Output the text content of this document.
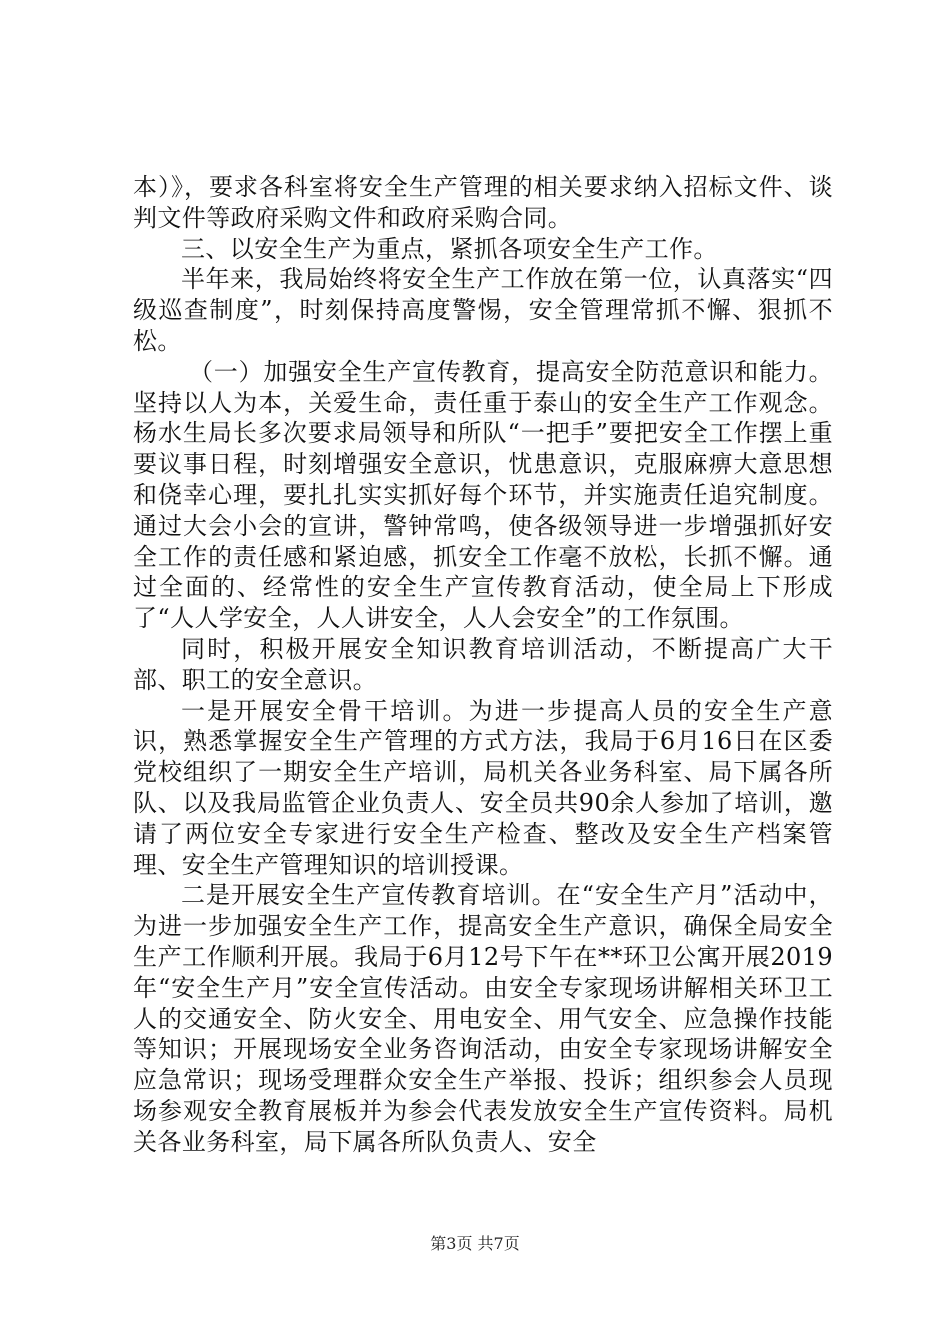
本）》，要求各科室将安全生产管理的相关要求纳入招标文件、谈判文件等政府采购文件和政府采购合同。

三、以安全生产为重点，紧抓各项安全生产工作。

半年来，我局始终将安全生产工作放在第一位，认真落实“四级巡查制度”，时刻保持高度警惕，安全管理常抓不懈、狠抓不松。

（一）加强安全生产宣传教育，提高安全防范意识和能力。坚持以人为本，关爱生命，责任重于泰山的安全生产工作观念。杨水生局长多次要求局领导和所队“一把手”要把安全工作摆上重要议事日程，时刻增强安全意识，忧患意识，克服麻痹大意思想和侥幸心理，要扎扎实实抓好每个环节，并实施责任追究制度。通过大会小会的宣讲，警钟常鸣，使各级领导进一步增强抓好安全工作的责任感和紧迫感，抓安全工作毫不放松，长抓不懈。通过全面的、经常性的安全生产宣传教育活动，使全局上下形成了“人人学安全，人人讲安全，人人会安全”的工作氛围。

同时，积极开展安全知识教育培训活动，不断提高广大干部、职工的安全意识。

一是开展安全骨干培训。为进一步提高人员的安全生产意识，熟悉掌握安全生产管理的方式方法，我局于6月16日在区委党校组织了一期安全生产培训，局机关各业务科室、局下属各所队、以及我局监管企业负责人、安全员共90余人参加了培训，邀请了两位安全专家进行安全生产检查、整改及安全生产档案管理、安全生产管理知识的培训授课。

二是开展安全生产宣传教育培训。在“安全生产月”活动中，为进一步加强安全生产工作，提高安全生产意识，确保全局安全生产工作顺利开展。我局于6月12号下午在**环卫公寓开展2019年“安全生产月”安全宣传活动。由安全专家现场讲解相关环卫工人的交通安全、防火安全、用电安全、用气安全、应急操作技能等知识；开展现场安全业务咨询活动，由安全专家现场讲解安全应急常识；现场受理群众安全生产举报、投诉；组织参会人员现场参观安全教育展板并为参会代表发放安全生产宣传资料。局机关各业务科室，局下属各所队负责人、安全

第3页 共7页
